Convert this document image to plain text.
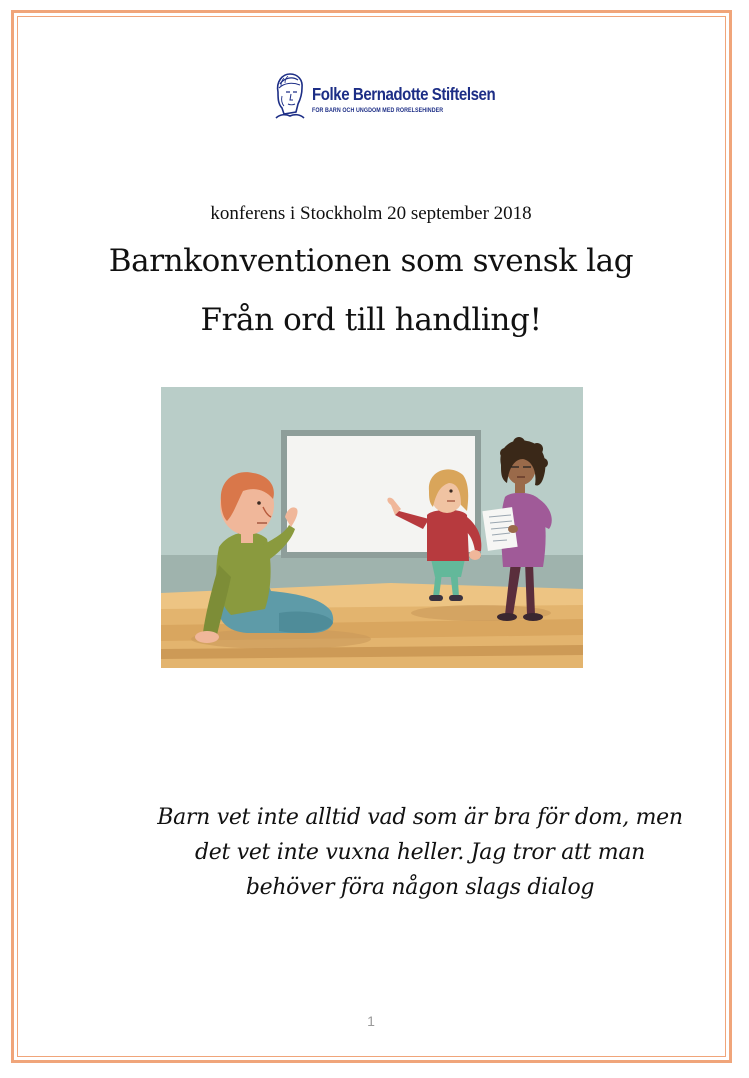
Folke Bernadotte Stiftelsen
FÖR BARN OCH UNGDOM MED RÖRELSEHINDER
konferens i Stockholm 20 september 2018
Barnkonventionen som svensk lag
Från ord till handling!
Barn vet inte alltid vad som är bra för dom, men
det vet inte vuxna heller. Jag tror att man
behöver föra någon slags dialog
1
